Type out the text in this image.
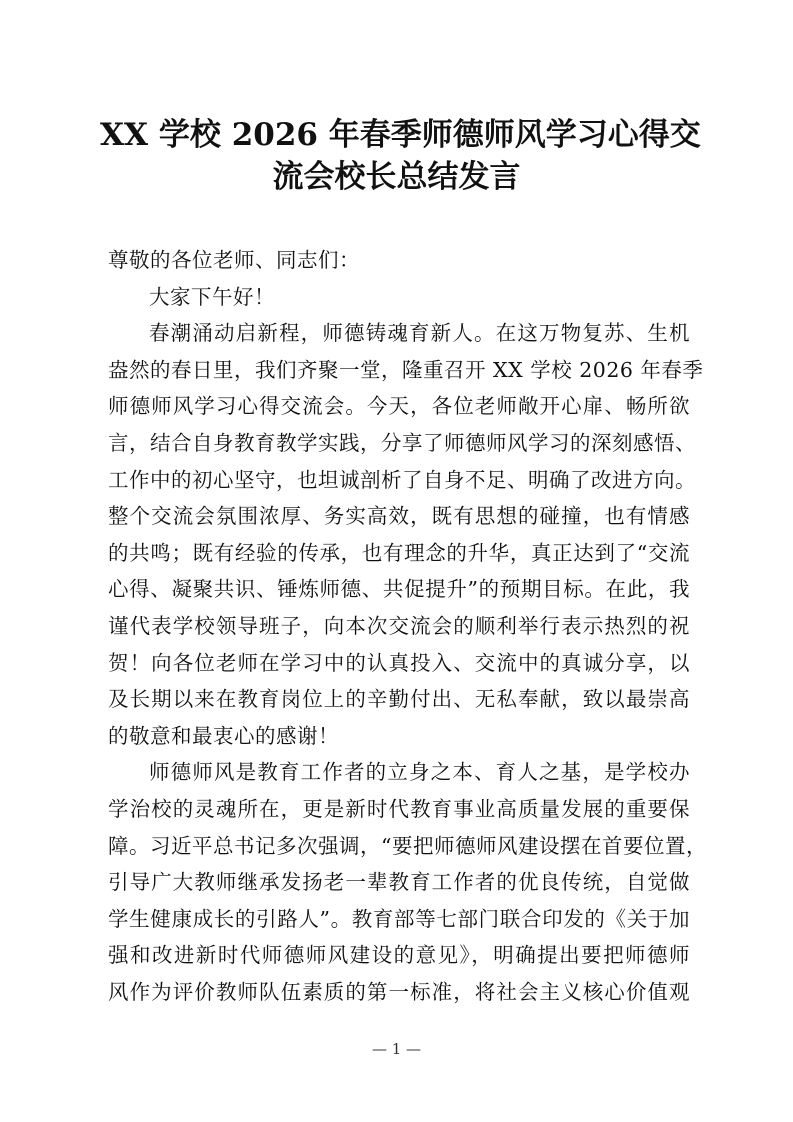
XX 学校 2026 年春季师德师风学习心得交
流会校长总结发言
尊敬的各位老师、同志们：
大家下午好！
春潮涌动启新程，师德铸魂育新人。在这万物复苏、生机
盎然的春日里，我们齐聚一堂，隆重召开 XX 学校 2026 年春季
师德师风学习心得交流会。今天，各位老师敞开心扉、畅所欲
言，结合自身教育教学实践，分享了师德师风学习的深刻感悟、
工作中的初心坚守，也坦诚剖析了自身不足、明确了改进方向。
整个交流会氛围浓厚、务实高效，既有思想的碰撞，也有情感
的共鸣；既有经验的传承，也有理念的升华，真正达到了“交流
心得、凝聚共识、锤炼师德、共促提升”的预期目标。在此，我
谨代表学校领导班子，向本次交流会的顺利举行表示热烈的祝
贺！向各位老师在学习中的认真投入、交流中的真诚分享，以
及长期以来在教育岗位上的辛勤付出、无私奉献，致以最崇高
的敬意和最衷心的感谢！
师德师风是教育工作者的立身之本、育人之基，是学校办
学治校的灵魂所在，更是新时代教育事业高质量发展的重要保
障。习近平总书记多次强调，“要把师德师风建设摆在首要位置，
引导广大教师继承发扬老一辈教育工作者的优良传统，自觉做
学生健康成长的引路人”。教育部等七部门联合印发的《关于加
强和改进新时代师德师风建设的意见》，明确提出要把师德师
风作为评价教师队伍素质的第一标准，将社会主义核心价值观
— 1 —
